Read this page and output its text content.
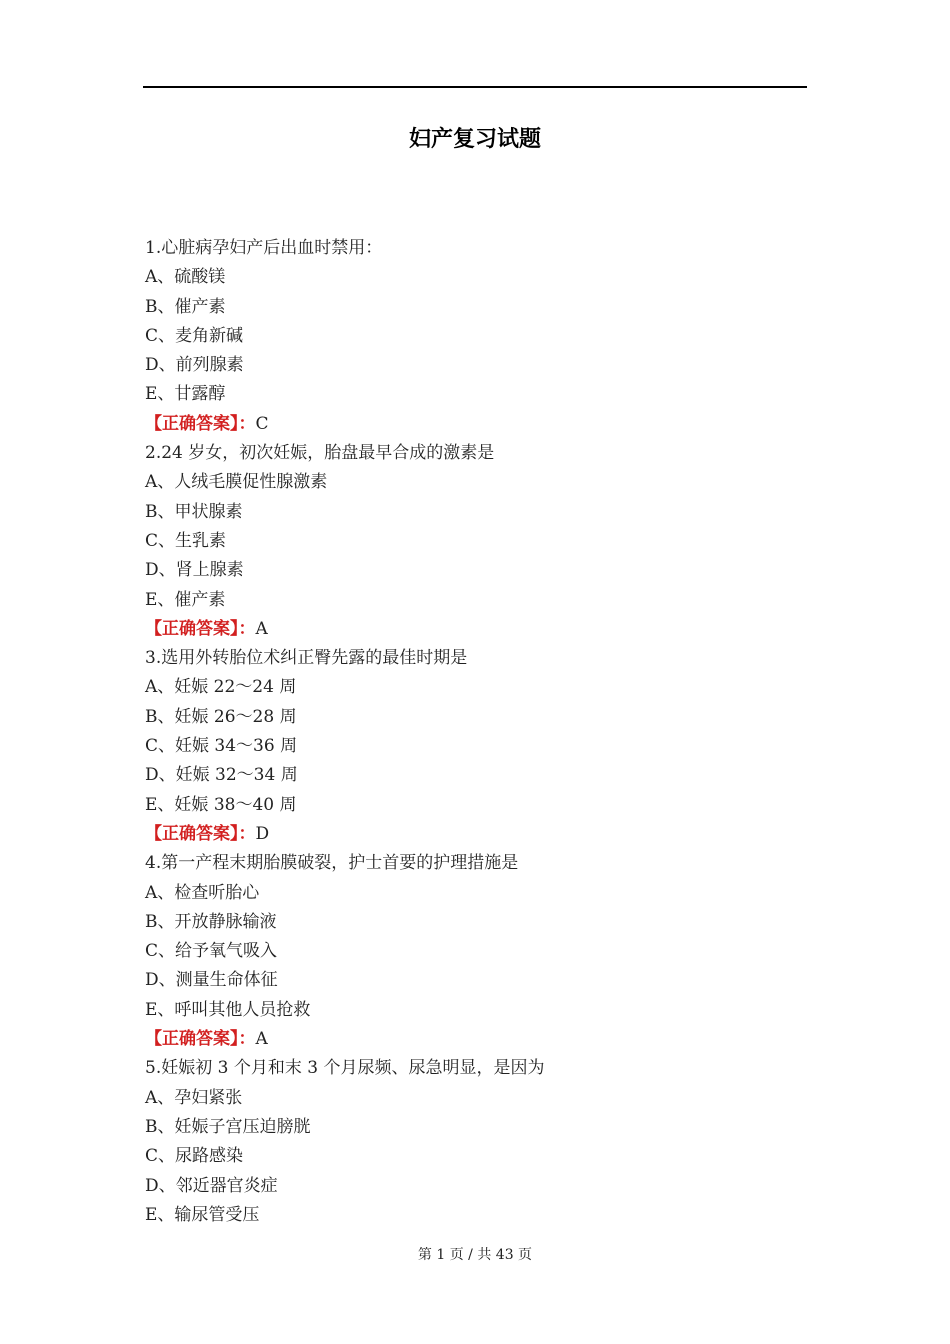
妇产复习试题
1.心脏病孕妇产后出血时禁用：
A、硫酸镁
B、催产素
C、麦角新碱
D、前列腺素
E、甘露醇
【正确答案】：C
2.24 岁女，初次妊娠，胎盘最早合成的激素是
A、人绒毛膜促性腺激素
B、甲状腺素
C、生乳素
D、肾上腺素
E、催产素
【正确答案】：A
3.选用外转胎位术纠正臀先露的最佳时期是
A、妊娠 22～24 周
B、妊娠 26～28 周
C、妊娠 34～36 周
D、妊娠 32～34 周
E、妊娠 38～40 周
【正确答案】：D
4.第一产程末期胎膜破裂，护士首要的护理措施是
A、检查听胎心
B、开放静脉输液
C、给予氧气吸入
D、测量生命体征
E、呼叫其他人员抢救
【正确答案】：A
5.妊娠初 3 个月和末 3 个月尿频、尿急明显，是因为
A、孕妇紧张
B、妊娠子宫压迫膀胱
C、尿路感染
D、邻近器官炎症
E、输尿管受压
第 1 页 / 共 43 页
